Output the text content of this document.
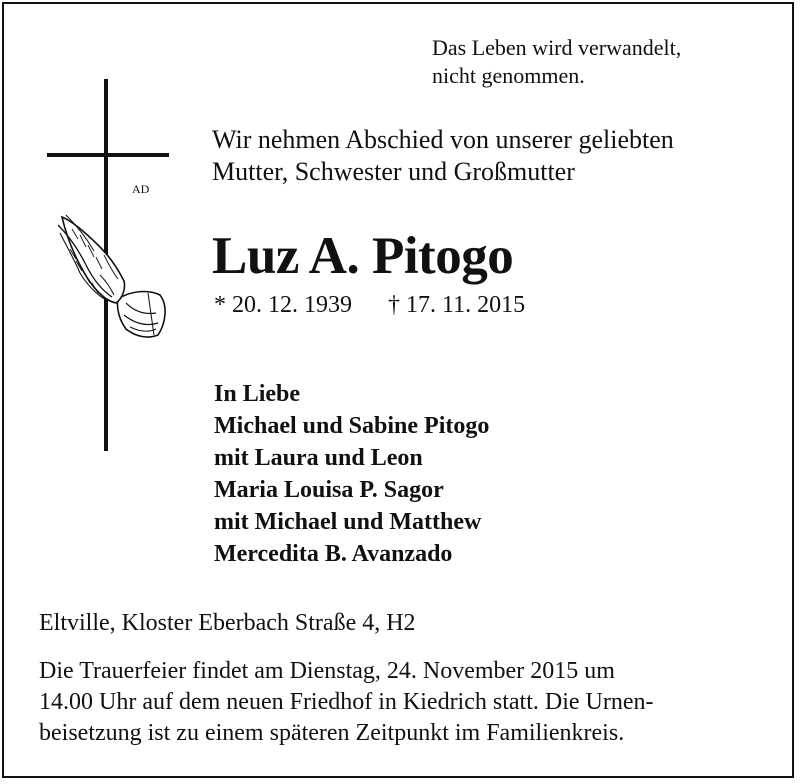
Das Leben wird verwandelt,
nicht genommen.
AD
Wir nehmen Abschied von unserer geliebten
Mutter, Schwester und Großmutter
Luz A. Pitogo
* 20. 12. 1939 † 17. 11. 2015
In Liebe
Michael und Sabine Pitogo
mit Laura und Leon
Maria Louisa P. Sagor
mit Michael und Matthew
Mercedita B. Avanzado
Eltville, Kloster Eberbach Straße 4, H2
Die Trauerfeier findet am Dienstag, 24. November 2015 um
14.00 Uhr auf dem neuen Friedhof in Kiedrich statt. Die Urnen-
beisetzung ist zu einem späteren Zeitpunkt im Familienkreis.
